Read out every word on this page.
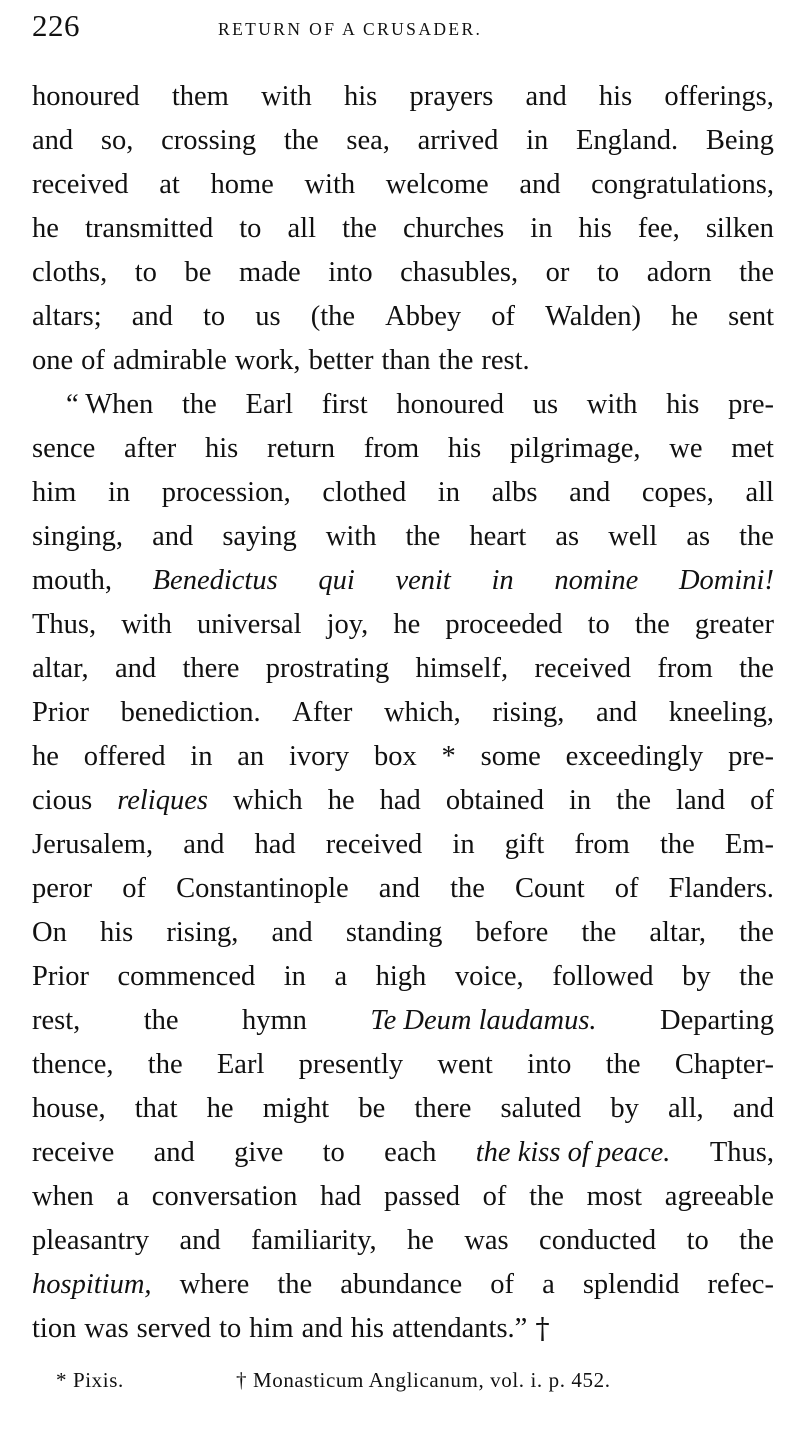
226	RETURN OF A CRUSADER.
honoured them with his prayers and his offerings,
and so, crossing the sea, arrived in England. Being
received at home with welcome and congratulations,
he transmitted to all the churches in his fee, silken
cloths, to be made into chasubles, or to adorn the
altars; and to us (the Abbey of Walden) he sent
one of admirable work, better than the rest.
“ When the Earl first honoured us with his pre-
sence after his return from his pilgrimage, we met
him in procession, clothed in albs and copes, all
singing, and saying with the heart as well as the
mouth, Benedictus qui venit in nomine Domini!
Thus, with universal joy, he proceeded to the greater
altar, and there prostrating himself, received from the
Prior benediction. After which, rising, and kneeling,
he offered in an ivory box * some exceedingly pre-
cious reliques which he had obtained in the land of
Jerusalem, and had received in gift from the Em-
peror of Constantinople and the Count of Flanders.
On his rising, and standing before the altar, the
Prior commenced in a high voice, followed by the
rest, the hymn Te Deum laudamus. Departing
thence, the Earl presently went into the Chapter-
house, that he might be there saluted by all, and
receive and give to each the kiss of peace. Thus,
when a conversation had passed of the most agreeable
pleasantry and familiarity, he was conducted to the
hospitium, where the abundance of a splendid refec-
tion was served to him and his attendants.” †
* Pixis.	† Monasticum Anglicanum, vol. i. p. 452.
